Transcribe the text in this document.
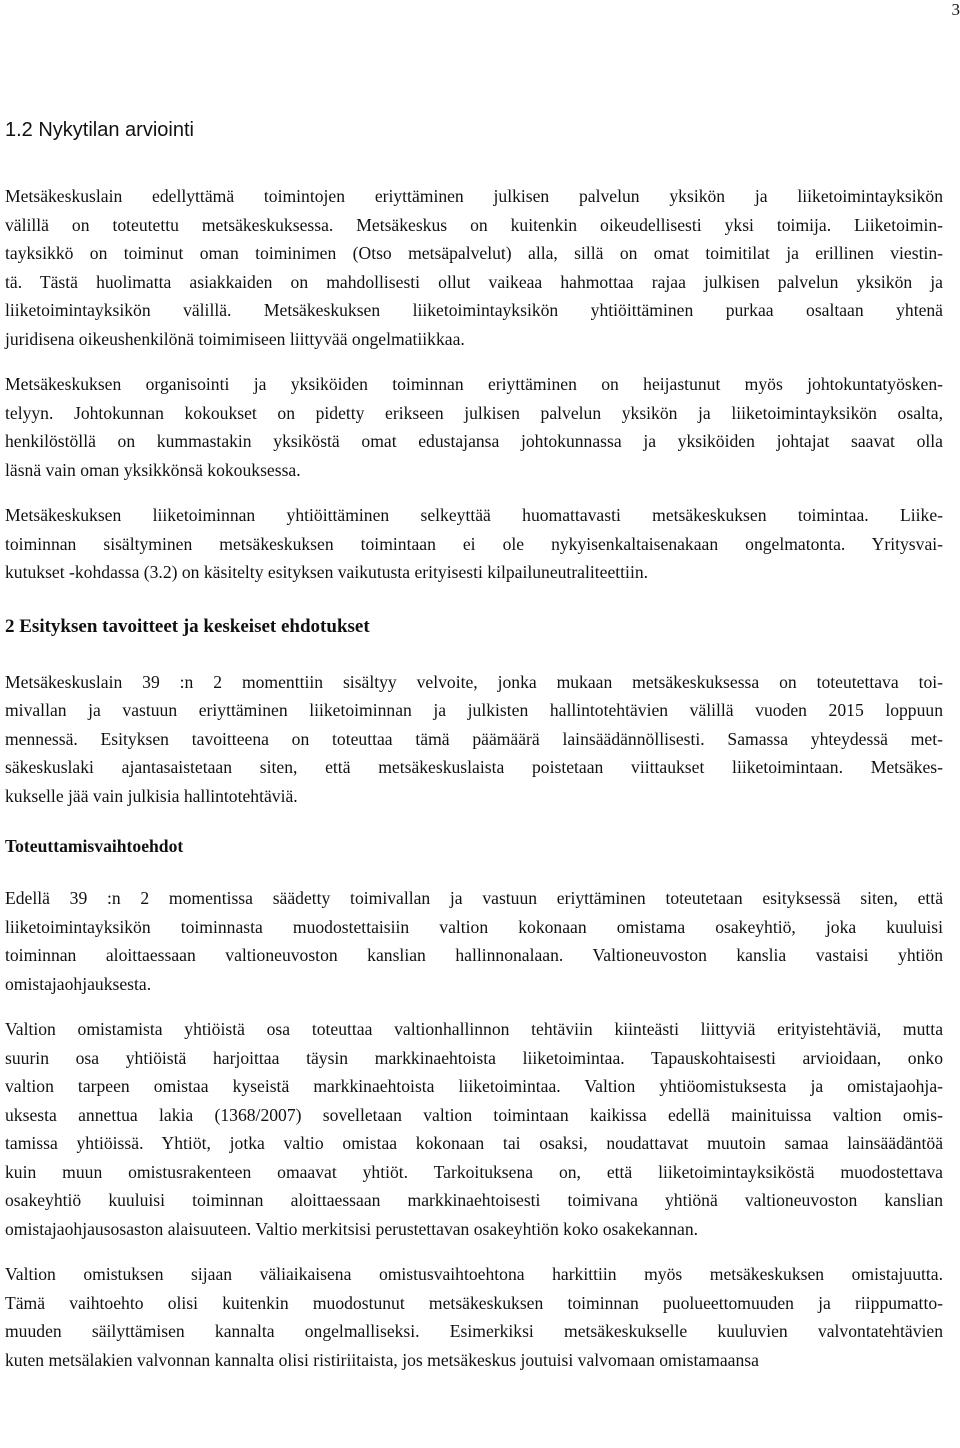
3
1.2 Nykytilan arviointi

Metsäkeskuslain edellyttämä toimintojen eriyttäminen julkisen palvelun yksikön ja liiketoimintayksikön
välillä on toteutettu metsäkeskuksessa. Metsäkeskus on kuitenkin oikeudellisesti yksi toimija. Liiketoimin-
tayksikkö on toiminut oman toiminimen (Otso metsäpalvelut) alla, sillä on omat toimitilat ja erillinen viestin-
tä. Tästä huolimatta asiakkaiden on mahdollisesti ollut vaikeaa hahmottaa rajaa julkisen palvelun yksikön ja
liiketoimintayksikön välillä. Metsäkeskuksen liiketoimintayksikön yhtiöittäminen purkaa osaltaan yhtenä
juridisena oikeushenkilönä toimimiseen liittyvää ongelmatiikkaa.

Metsäkeskuksen organisointi ja yksiköiden toiminnan eriyttäminen on heijastunut myös johtokuntatyösken-
telyyn. Johtokunnan kokoukset on pidetty erikseen julkisen palvelun yksikön ja liiketoimintayksikön osalta,
henkilöstöllä on kummastakin yksiköstä omat edustajansa johtokunnassa ja yksiköiden johtajat saavat olla
läsnä vain oman yksikkönsä kokouksessa.

Metsäkeskuksen liiketoiminnan yhtiöittäminen selkeyttää huomattavasti metsäkeskuksen toimintaa. Liike-
toiminnan sisältyminen metsäkeskuksen toimintaan ei ole nykyisenkaltaisenakaan ongelmatonta. Yritysvai-
kutukset -kohdassa (3.2) on käsitelty esityksen vaikutusta erityisesti kilpailuneutraliteettiin.

2 Esityksen tavoitteet ja keskeiset ehdotukset

Metsäkeskuslain 39 :n 2 momenttiin sisältyy velvoite, jonka mukaan metsäkeskuksessa on toteutettava toi-
mivallan ja vastuun eriyttäminen liiketoiminnan ja julkisten hallintotehtävien välillä vuoden 2015 loppuun
mennessä. Esityksen tavoitteena on toteuttaa tämä päämäärä lainsäädännöllisesti. Samassa yhteydessä met-
säkeskuslaki ajantasaistetaan siten, että metsäkeskuslaista poistetaan viittaukset liiketoimintaan. Metsäkes-
kukselle jää vain julkisia hallintotehtäviä.

Toteuttamisvaihtoehdot

Edellä 39 :n 2 momentissa säädetty toimivallan ja vastuun eriyttäminen toteutetaan esityksessä siten, että
liiketoimintayksikön toiminnasta muodostettaisiin valtion kokonaan omistama osakeyhtiö, joka kuuluisi
toiminnan aloittaessaan valtioneuvoston kanslian hallinnonalaan. Valtioneuvoston kanslia vastaisi yhtiön
omistajaohjauksesta.

Valtion omistamista yhtiöistä osa toteuttaa valtionhallinnon tehtäviin kiinteästi liittyviä erityistehtäviä, mutta
suurin osa yhtiöistä harjoittaa täysin markkinaehtoista liiketoimintaa. Tapauskohtaisesti arvioidaan, onko
valtion tarpeen omistaa kyseistä markkinaehtoista liiketoimintaa. Valtion yhtiöomistuksesta ja omistajaohja-
uksesta annettua lakia (1368/2007) sovelletaan valtion toimintaan kaikissa edellä mainituissa valtion omis-
tamissa yhtiöissä. Yhtiöt, jotka valtio omistaa kokonaan tai osaksi, noudattavat muutoin samaa lainsäädäntöä
kuin muun omistusrakenteen omaavat yhtiöt. Tarkoituksena on, että liiketoimintayksiköstä muodostettava
osakeyhtiö kuuluisi toiminnan aloittaessaan markkinaehtoisesti toimivana yhtiönä valtioneuvoston kanslian
omistajaohjausosaston alaisuuteen. Valtio merkitsisi perustettavan osakeyhtiön koko osakekannan.

Valtion omistuksen sijaan väliaikaisena omistusvaihtoehtona harkittiin myös metsäkeskuksen omistajuutta.
Tämä vaihtoehto olisi kuitenkin muodostunut metsäkeskuksen toiminnan puolueettomuuden ja riippumatto-
muuden säilyttämisen kannalta ongelmalliseksi. Esimerkiksi metsäkeskukselle kuuluvien valvontatehtävien
kuten metsälakien valvonnan kannalta olisi ristiriitaista, jos metsäkeskus joutuisi valvomaan omistamaansa
